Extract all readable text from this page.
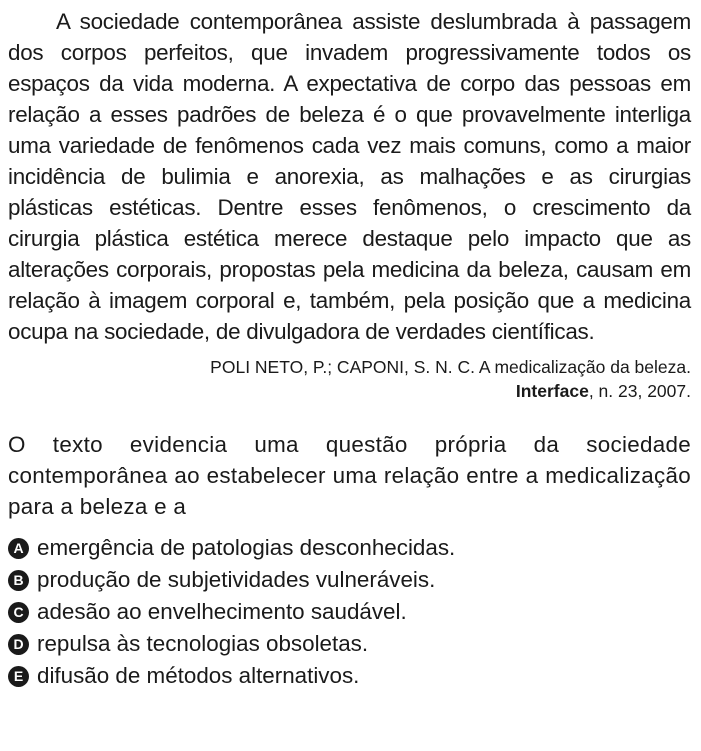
A sociedade contemporânea assiste deslumbrada à passagem dos corpos perfeitos, que invadem progressivamente todos os espaços da vida moderna. A expectativa de corpo das pessoas em relação a esses padrões de beleza é o que provavelmente interliga uma variedade de fenômenos cada vez mais comuns, como a maior incidência de bulimia e anorexia, as malhações e as cirurgias plásticas estéticas. Dentre esses fenômenos, o crescimento da cirurgia plástica estética merece destaque pelo impacto que as alterações corporais, propostas pela medicina da beleza, causam em relação à imagem corporal e, também, pela posição que a medicina ocupa na sociedade, de divulgadora de verdades científicas.

POLI NETO, P.; CAPONI, S. N. C. A medicalização da beleza.
Interface, n. 23, 2007.

O texto evidencia uma questão própria da sociedade contemporânea ao estabelecer uma relação entre a medicalização para a beleza e a

A emergência de patologias desconhecidas.
B produção de subjetividades vulneráveis.
C adesão ao envelhecimento saudável.
D repulsa às tecnologias obsoletas.
E difusão de métodos alternativos.
